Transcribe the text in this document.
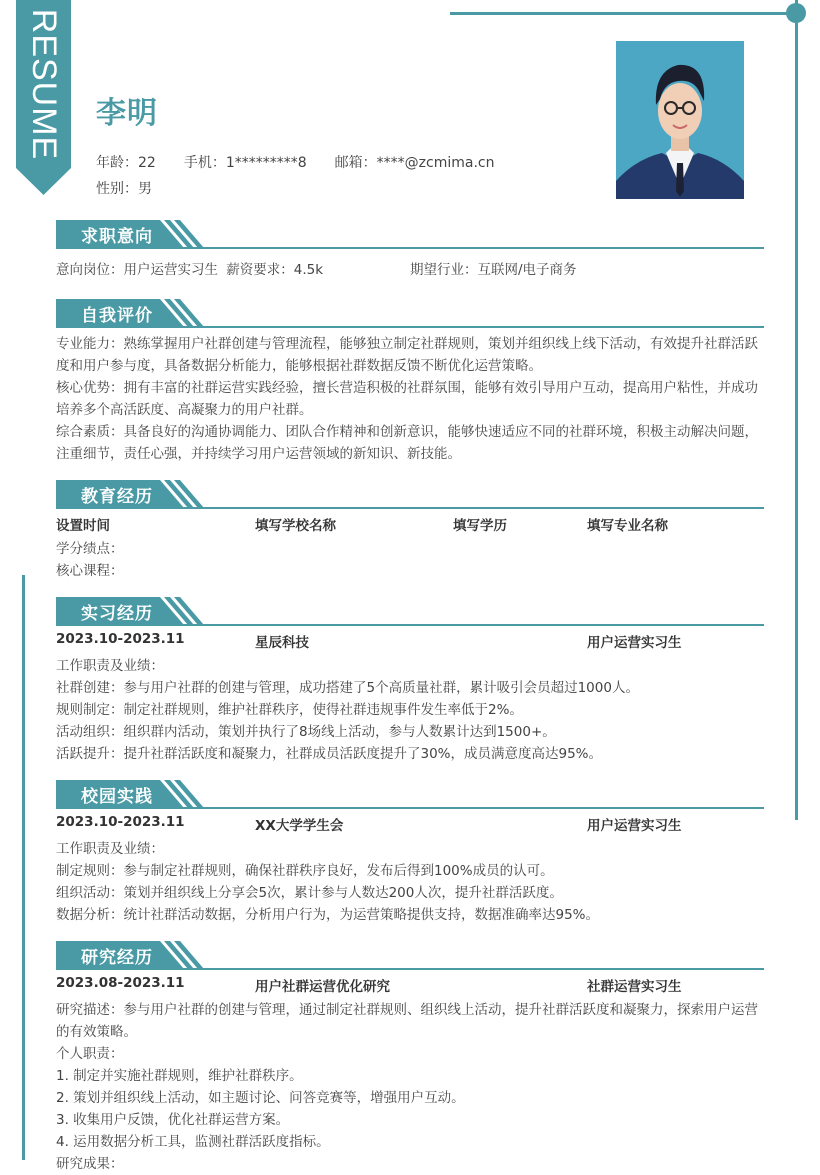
RESUME 李明
年龄：22 手机：1*********8 邮箱：****@zcmima.cn
性别：男
求职意向
意向岗位：用户运营实习生 薪资要求：4.5k	期望行业：互联网/电子商务
自我评价
专业能力：熟练掌握用户社群创建与管理流程，能够独立制定社群规则，策划并组织线上线下活动，有效提升社群活跃度和用户参与度，具备数据分析能力，能够根据社群数据反馈不断优化运营策略。
核心优势：拥有丰富的社群运营实践经验，擅长营造积极的社群氛围，能够有效引导用户互动，提高用户粘性，并成功培养多个高活跃度、高凝聚力的用户社群。
综合素质：具备良好的沟通协调能力、团队合作精神和创新意识，能够快速适应不同的社群环境，积极主动解决问题，注重细节，责任心强，并持续学习用户运营领域的新知识、新技能。
教育经历
设置时间	填写学校名称	填写学历	填写专业名称
学分绩点：
核心课程：
实习经历
2023.10-2023.11	星辰科技	用户运营实习生
工作职责及业绩：
社群创建：参与用户社群的创建与管理，成功搭建了5个高质量社群，累计吸引会员超过1000人。
规则制定：制定社群规则，维护社群秩序，使得社群违规事件发生率低于2%。
活动组织：组织群内活动，策划并执行了8场线上活动，参与人数累计达到1500+。
活跃提升：提升社群活跃度和凝聚力，社群成员活跃度提升了30%，成员满意度高达95%。
校园实践
2023.10-2023.11	XX大学学生会	用户运营实习生
工作职责及业绩：
制定规则：参与制定社群规则，确保社群秩序良好，发布后得到100%成员的认可。
组织活动：策划并组织线上分享会5次，累计参与人数达200人次，提升社群活跃度。
数据分析：统计社群活动数据，分析用户行为，为运营策略提供支持，数据准确率达95%。
研究经历
2023.08-2023.11	用户社群运营优化研究	社群运营实习生
研究描述：参与用户社群的创建与管理，通过制定社群规则、组织线上活动，提升社群活跃度和凝聚力，探索用户运营的有效策略。
个人职责：
1. 制定并实施社群规则，维护社群秩序。
2. 策划并组织线上活动，如主题讨论、问答竞赛等，增强用户互动。
3. 收集用户反馈，优化社群运营方案。
4. 运用数据分析工具，监测社群活跃度指标。
研究成果：
